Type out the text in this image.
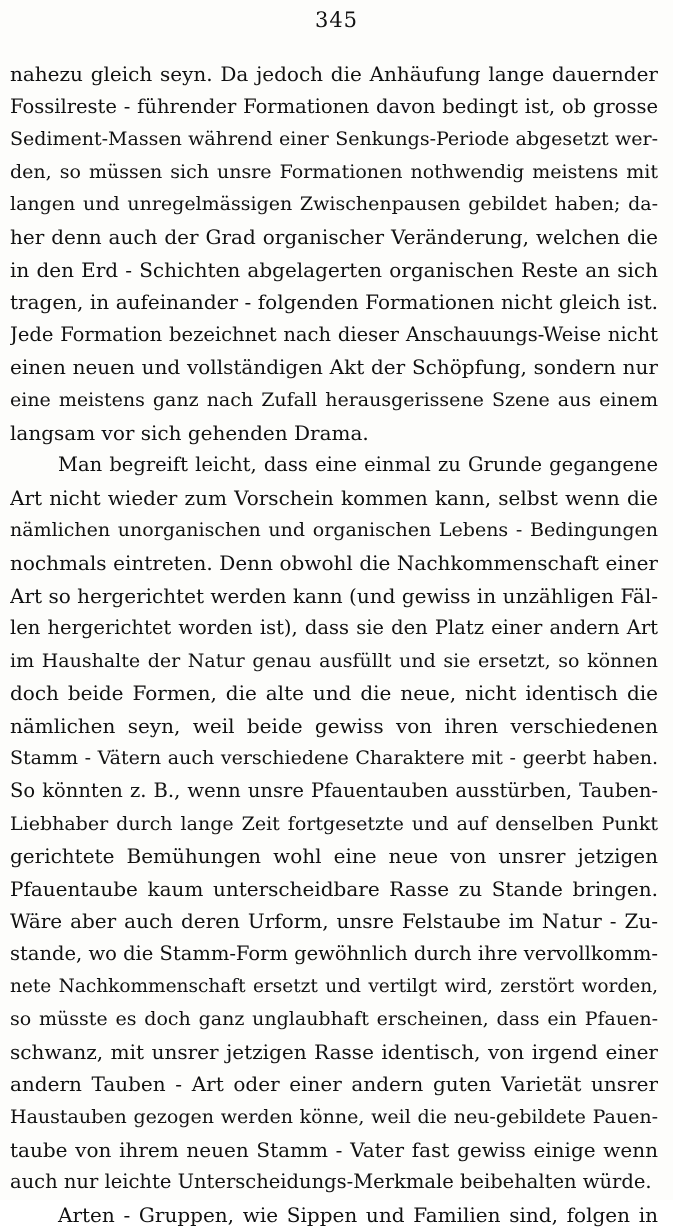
345
nahezu gleich seyn. Da jedoch die Anhäufung lange dauernder
Fossilreste - führender Formationen davon bedingt ist, ob grosse
Sediment-Massen während einer Senkungs-Periode abgesetzt wer-
den, so müssen sich unsre Formationen nothwendig meistens mit
langen und unregelmässigen Zwischenpausen gebildet haben; da-
her denn auch der Grad organischer Veränderung, welchen die
in den Erd - Schichten abgelagerten organischen Reste an sich
tragen, in aufeinander - folgenden Formationen nicht gleich ist.
Jede Formation bezeichnet nach dieser Anschauungs-Weise nicht
einen neuen und vollständigen Akt der Schöpfung, sondern nur
eine meistens ganz nach Zufall herausgerissene Szene aus einem
langsam vor sich gehenden Drama.
Man begreift leicht, dass eine einmal zu Grunde gegangene
Art nicht wieder zum Vorschein kommen kann, selbst wenn die
nämlichen unorganischen und organischen Lebens - Bedingungen
nochmals eintreten. Denn obwohl die Nachkommenschaft einer
Art so hergerichtet werden kann (und gewiss in unzähligen Fäl-
len hergerichtet worden ist), dass sie den Platz einer andern Art
im Haushalte der Natur genau ausfüllt und sie ersetzt, so können
doch beide Formen, die alte und die neue, nicht identisch die
nämlichen seyn, weil beide gewiss von ihren verschiedenen
Stamm - Vätern auch verschiedene Charaktere mit - geerbt haben.
So könnten z. B., wenn unsre Pfauentauben ausstürben, Tauben-
Liebhaber durch lange Zeit fortgesetzte und auf denselben Punkt
gerichtete Bemühungen wohl eine neue von unsrer jetzigen
Pfauentaube kaum unterscheidbare Rasse zu Stande bringen.
Wäre aber auch deren Urform, unsre Felstaube im Natur - Zu-
stande, wo die Stamm-Form gewöhnlich durch ihre vervollkomm-
nete Nachkommenschaft ersetzt und vertilgt wird, zerstört worden,
so müsste es doch ganz unglaubhaft erscheinen, dass ein Pfauen-
schwanz, mit unsrer jetzigen Rasse identisch, von irgend einer
andern Tauben - Art oder einer andern guten Varietät unsrer
Haustauben gezogen werden könne, weil die neu-gebildete Pauen-
taube von ihrem neuen Stamm - Vater fast gewiss einige wenn
auch nur leichte Unterscheidungs-Merkmale beibehalten würde.
Arten - Gruppen, wie Sippen und Familien sind, folgen in
